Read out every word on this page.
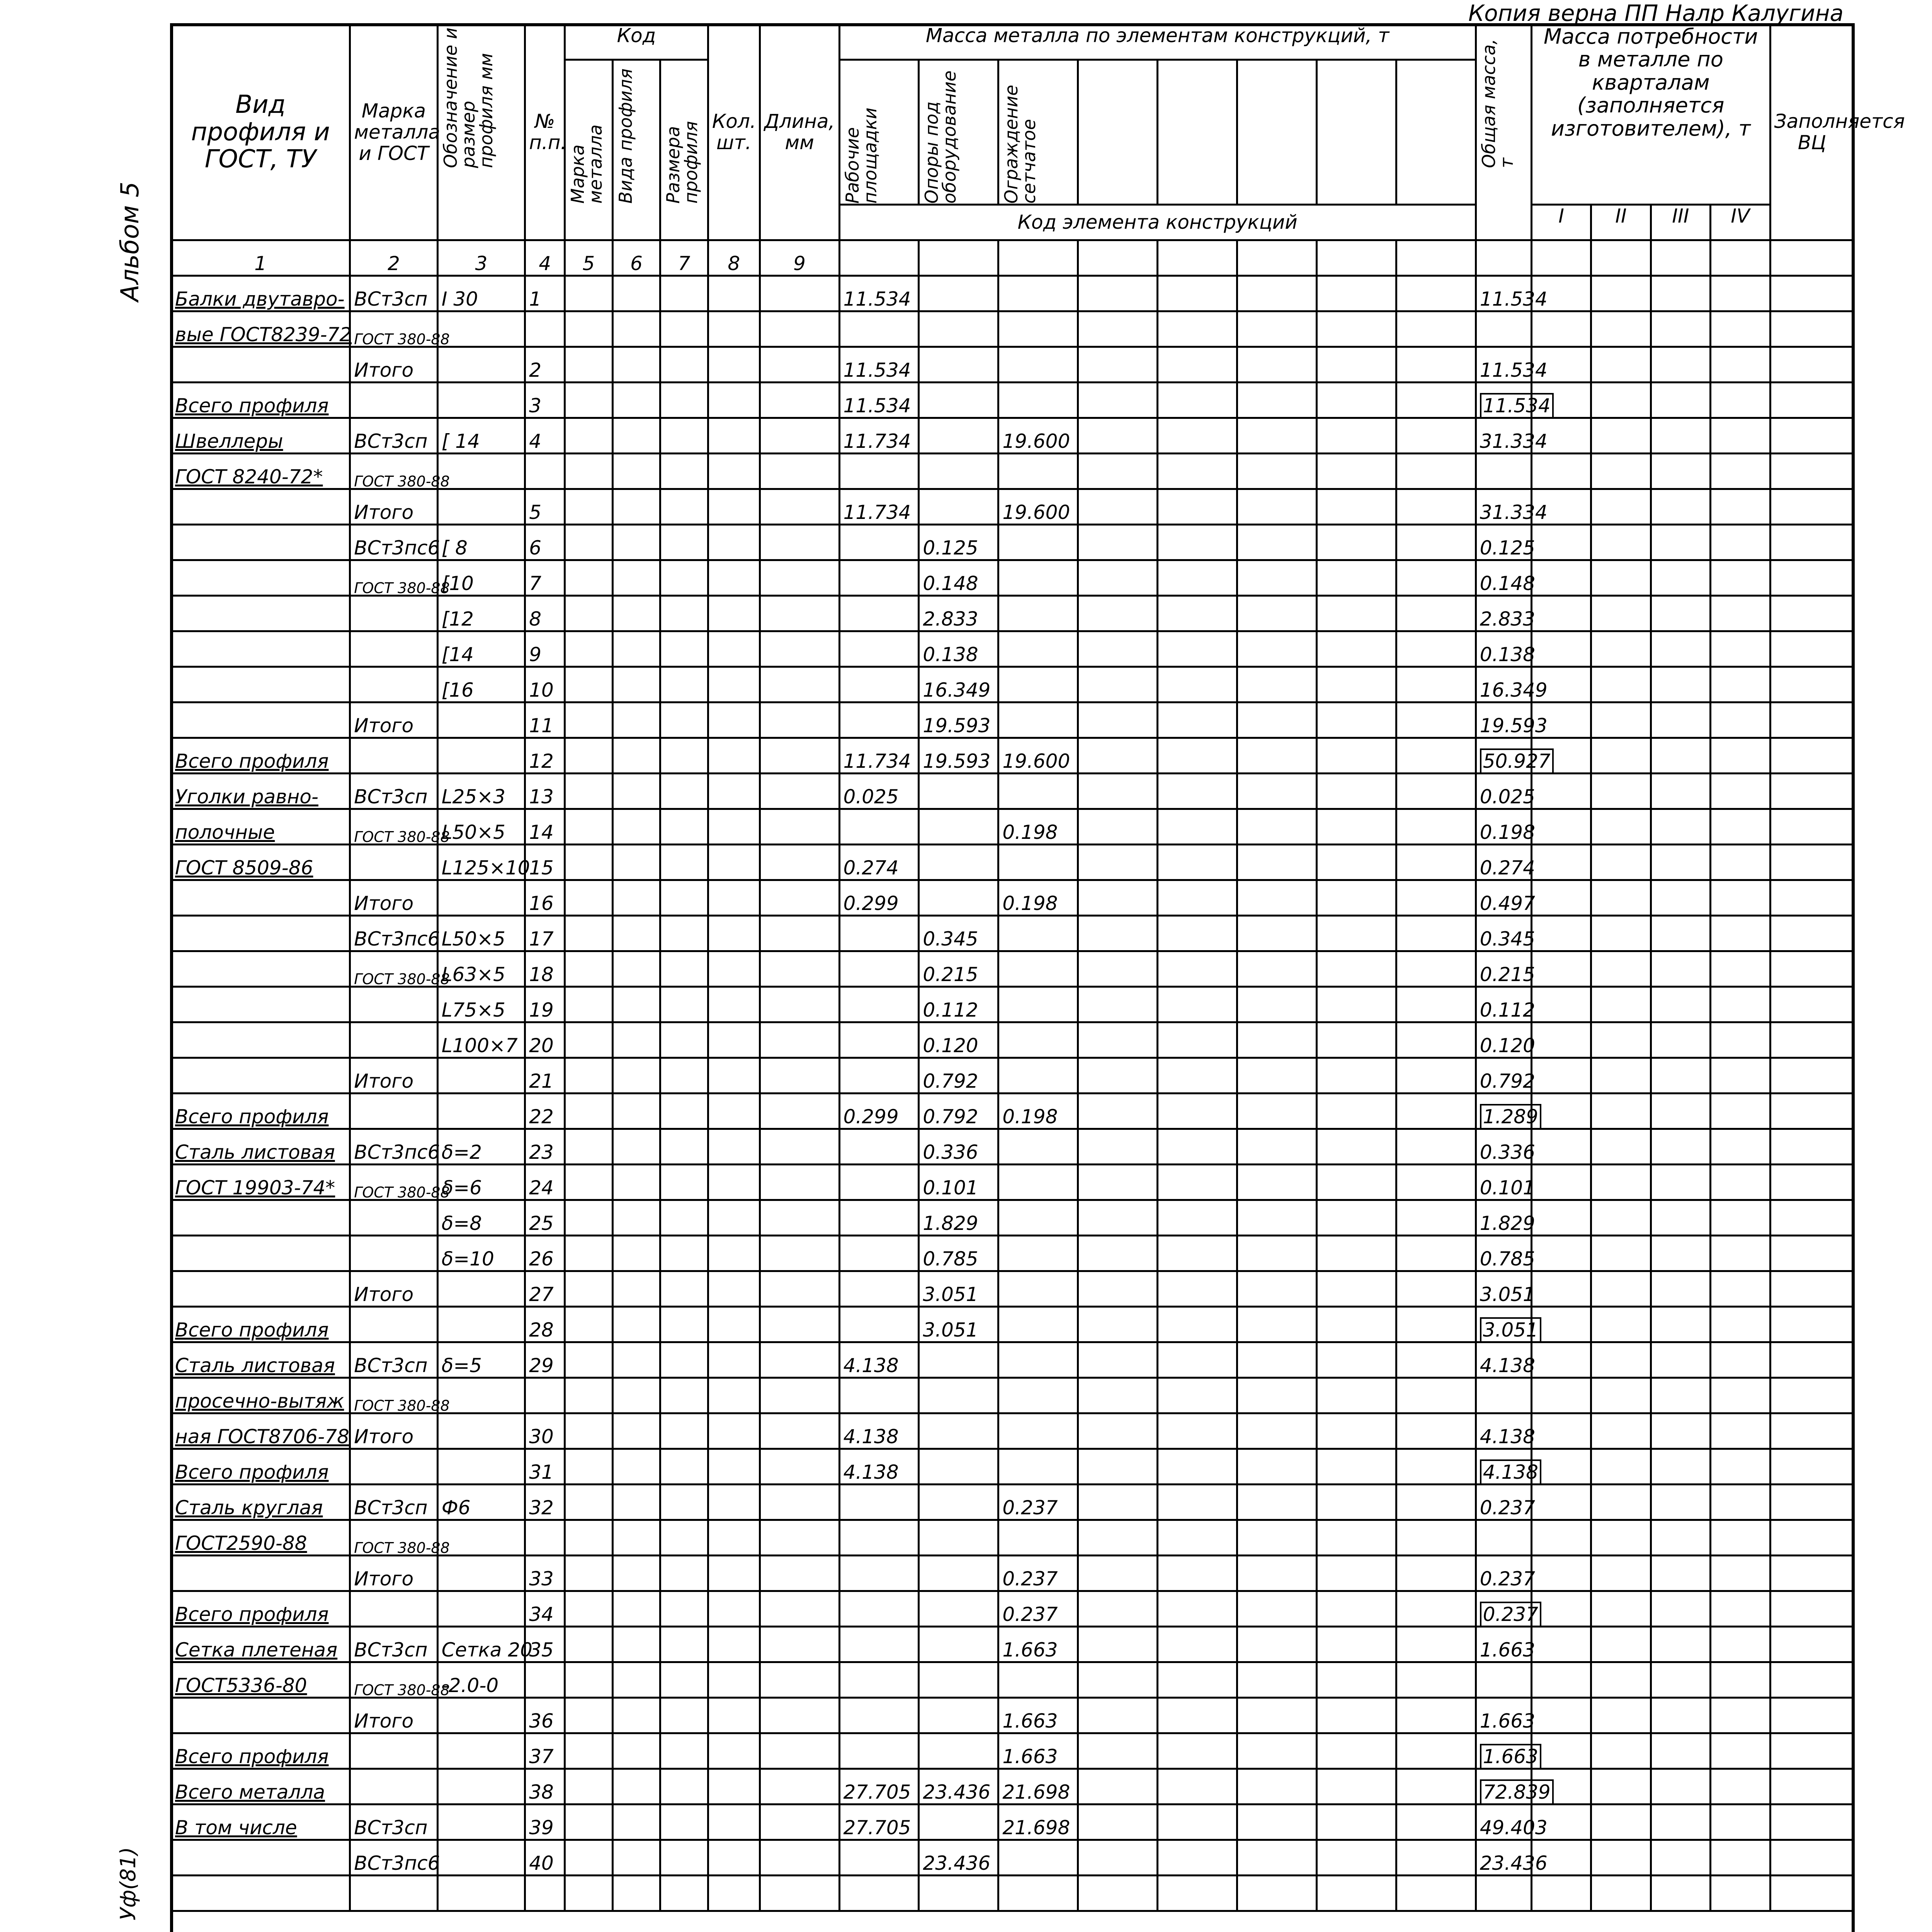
Копия верна ПП Налр Калугина
Альбом 5
Уф(81)
Вид профиля и ГОСТ, ТУ	Марка металла и ГОСТ	Обозначение и размер профиля мм	№ п.п.	Код			Кол. шт.	Длина, мм	Масса металла по элементам конструкций, т								Общая масса, т	Масса потребности в металле по кварталам (заполняется изготовителем), т				Заполняется ВЦ

				Марка металла	Вида профиля	Размера профиля			Рабочие площадки	Опоры под оборудование	Ограждение сетчатое											

									Код элемента конструкций									I	II	III	IV	
1	2	3	4	5	6	7	8	9														
Балки двутавро-	ВСт3сп	I 30	1						11.534								11.534					
вые ГОСТ8239-72	ГОСТ 380-88																					

	Итого		2						11.534								11.534					
Всего профиля			3						11.534								11.534					
Швеллеры	ВСт3сп	[ 14	4						11.734		19.600						31.334					
ГОСТ 8240-72*	ГОСТ 380-88																					

	Итого		5						11.734		19.600						31.334					
	ВСт3пс6	[ 8	6							0.125							0.125					

	ГОСТ 380-88	[10	7							0.148							0.148					
		[12	8							2.833							2.833					
		[14	9							0.138							0.138					
		[16	10							16.349							16.349					
	Итого		11							19.593							19.593					
Всего профиля			12						11.734	19.593	19.600						50.927					
Уголки равно-	ВСт3сп	L25×3	13						0.025								0.025					
полочные	ГОСТ 380-88	L50×5	14								0.198						0.198					
ГОСТ 8509-86		L125×10	15						0.274								0.274					
	Итого		16						0.299		0.198						0.497					
	ВСт3пс6	L50×5	17							0.345							0.345					

	ГОСТ 380-88	L63×5	18							0.215							0.215					
		L75×5	19							0.112							0.112					
		L100×7	20							0.120							0.120					
	Итого		21							0.792							0.792					
Всего профиля			22						0.299	0.792	0.198						1.289					
Сталь листовая	ВСт3пс6	δ=2	23							0.336							0.336					
ГОСТ 19903-74*	ГОСТ 380-88	δ=6	24							0.101							0.101					
		δ=8	25							1.829							1.829					
		δ=10	26							0.785							0.785					
	Итого		27							3.051							3.051					
Всего профиля			28							3.051							3.051					
Сталь листовая	ВСт3сп	δ=5	29						4.138								4.138					
просечно-вытяж	ГОСТ 380-88																					

ная ГОСТ8706-78	Итого		30						4.138								4.138					
Всего профиля			31						4.138								4.138					
Сталь круглая	ВСт3сп	Ф6	32								0.237						0.237					
ГОСТ2590-88	ГОСТ 380-88																					

	Итого		33								0.237						0.237					
Всего профиля			34								0.237						0.237					
Сетка плетеная	ВСт3сп	Сетка 20	35								1.663						1.663					
ГОСТ5336-80	ГОСТ 380-88	-2.0-0																				
	Итого		36								1.663						1.663					
Всего профиля			37								1.663						1.663					
Всего металла			38						27.705	23.436	21.698						72.839					
В том числе	ВСт3сп		39						27.705		21.698						49.403					
	ВСт3пс6		40							23.436							23.436					
